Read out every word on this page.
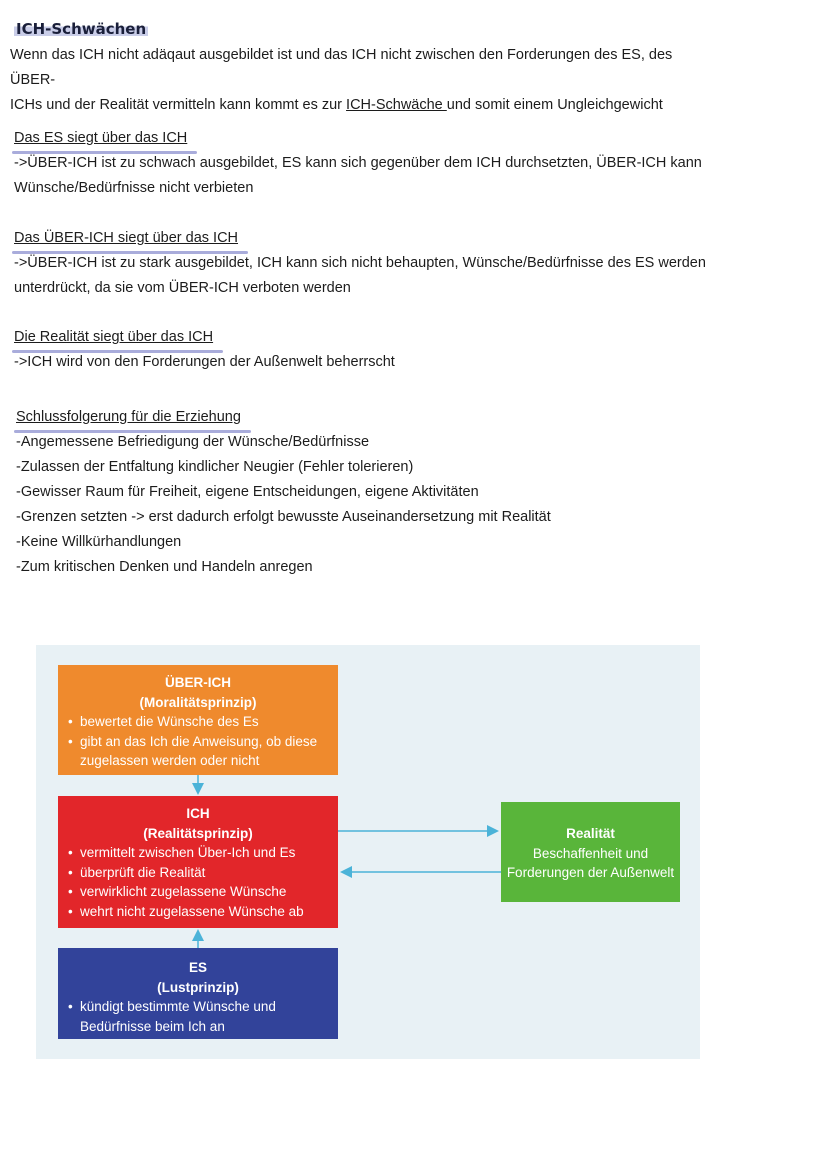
ICH-Schwächen
Wenn das ICH nicht adäqaut ausgebildet ist und das ICH nicht zwischen den Forderungen des ES, des ÜBER-
ICHs und der Realität vermitteln kann kommt es zur ICH-Schwäche und somit einem Ungleichgewicht
Das ES siegt über das ICH
->ÜBER-ICH ist zu schwach ausgebildet, ES kann sich gegenüber dem ICH durchsetzten, ÜBER-ICH kann
Wünsche/Bedürfnisse nicht verbieten
Das ÜBER-ICH siegt über das ICH
->ÜBER-ICH ist zu stark ausgebildet, ICH kann sich nicht behaupten, Wünsche/Bedürfnisse des ES werden
unterdrückt, da sie vom ÜBER-ICH verboten werden
Die Realität siegt über das ICH
->ICH wird von den Forderungen der Außenwelt beherrscht
Schlussfolgerung für die Erziehung
-Angemessene Befriedigung der Wünsche/Bedürfnisse
-Zulassen der Entfaltung kindlicher Neugier (Fehler tolerieren)
-Gewisser Raum für Freiheit, eigene Entscheidungen, eigene Aktivitäten
-Grenzen setzten -> erst dadurch erfolgt bewusste Auseinandersetzung mit Realität
-Keine Willkürhandlungen
-Zum kritischen Denken und Handeln anregen
ÜBER-ICH
(Moralitätsprinzip)
• bewertet die Wünsche des Es
• gibt an das Ich die Anweisung, ob diese
zugelassen werden oder nicht
ICH
(Realitätsprinzip)
• vermittelt zwischen Über-Ich und Es
• überprüft die Realität
• verwirklicht zugelassene Wünsche
• wehrt nicht zugelassene Wünsche ab
ES
(Lustprinzip)
• kündigt bestimmte Wünsche und
Bedürfnisse beim Ich an
Realität
Beschaffenheit und
Forderungen der Außenwelt
